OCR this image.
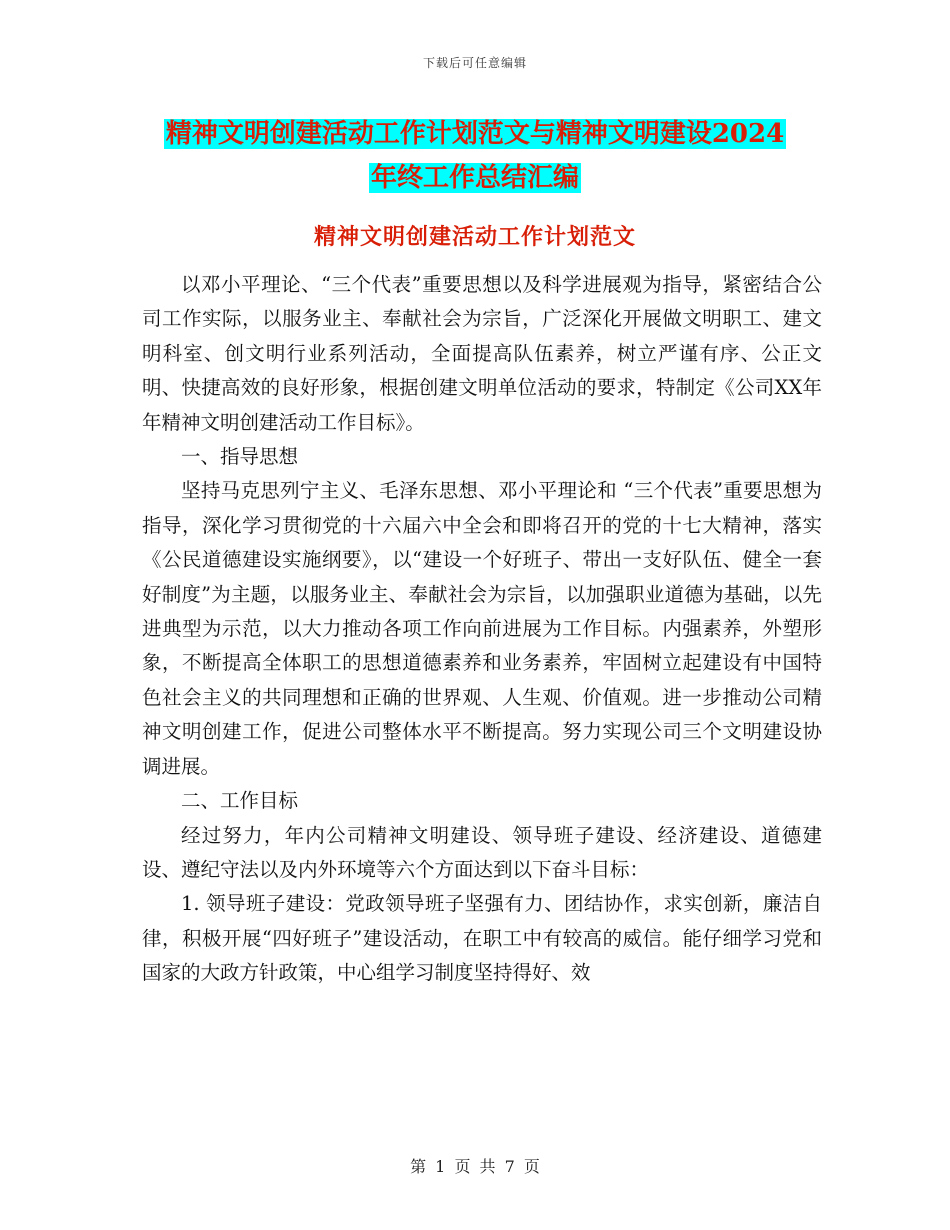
下载后可任意编辑
精神文明创建活动工作计划范文与精神文明建设2024
年终工作总结汇编
精神文明创建活动工作计划范文

以邓小平理论、“三个代表”重要思想以及科学进展观为指导，紧密结合公司工作实际，以服务业主、奉献社会为宗旨，广泛深化开展做文明职工、建文明科室、创文明行业系列活动，全面提高队伍素养，树立严谨有序、公正文明、快捷高效的良好形象，根据创建文明单位活动的要求，特制定《公司XX年年精神文明创建活动工作目标》。

一、指导思想

坚持马克思列宁主义、毛泽东思想、邓小平理论和 “三个代表”重要思想为指导，深化学习贯彻党的十六届六中全会和即将召开的党的十七大精神，落实《公民道德建设实施纲要》，以“建设一个好班子、带出一支好队伍、健全一套好制度”为主题，以服务业主、奉献社会为宗旨，以加强职业道德为基础，以先进典型为示范，以大力推动各项工作向前进展为工作目标。内强素养，外塑形象，不断提高全体职工的思想道德素养和业务素养，牢固树立起建设有中国特色社会主义的共同理想和正确的世界观、人生观、价值观。进一步推动公司精神文明创建工作，促进公司整体水平不断提高。努力实现公司三个文明建设协调进展。

二、工作目标

经过努力，年内公司精神文明建设、领导班子建设、经济建设、道德建设、遵纪守法以及内外环境等六个方面达到以下奋斗目标：

1. 领导班子建设：党政领导班子坚强有力、团结协作，求实创新，廉洁自律，积极开展“四好班子”建设活动，在职工中有较高的威信。能仔细学习党和国家的大政方针政策，中心组学习制度坚持得好、效

第 1 页 共 7 页
